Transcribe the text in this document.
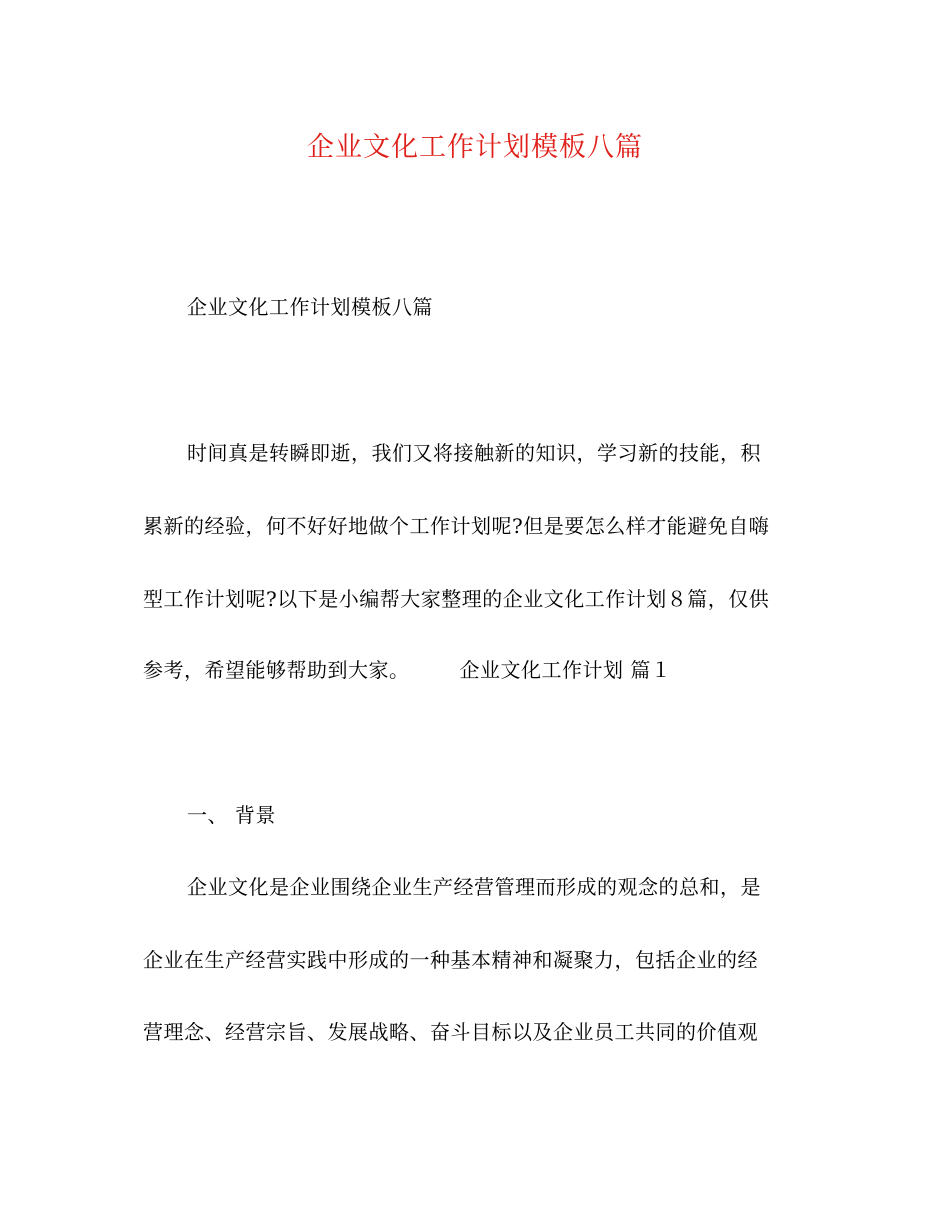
企业文化工作计划模板八篇
企业文化工作计划模板八篇
时间真是转瞬即逝，我们又将接触新的知识，学习新的技能，积
累新的经验，何不好好地做个工作计划呢?但是要怎么样才能避免自嗨
型工作计划呢?以下是小编帮大家整理的企业文化工作计划８篇，仅供
参考，希望能够帮助到大家。	企业文化工作计划 篇１
一、 背景
企业文化是企业围绕企业生产经营管理而形成的观念的总和，是
企业在生产经营实践中形成的一种基本精神和凝聚力，包括企业的经
营理念、经营宗旨、发展战略、奋斗目标以及企业员工共同的价值观
